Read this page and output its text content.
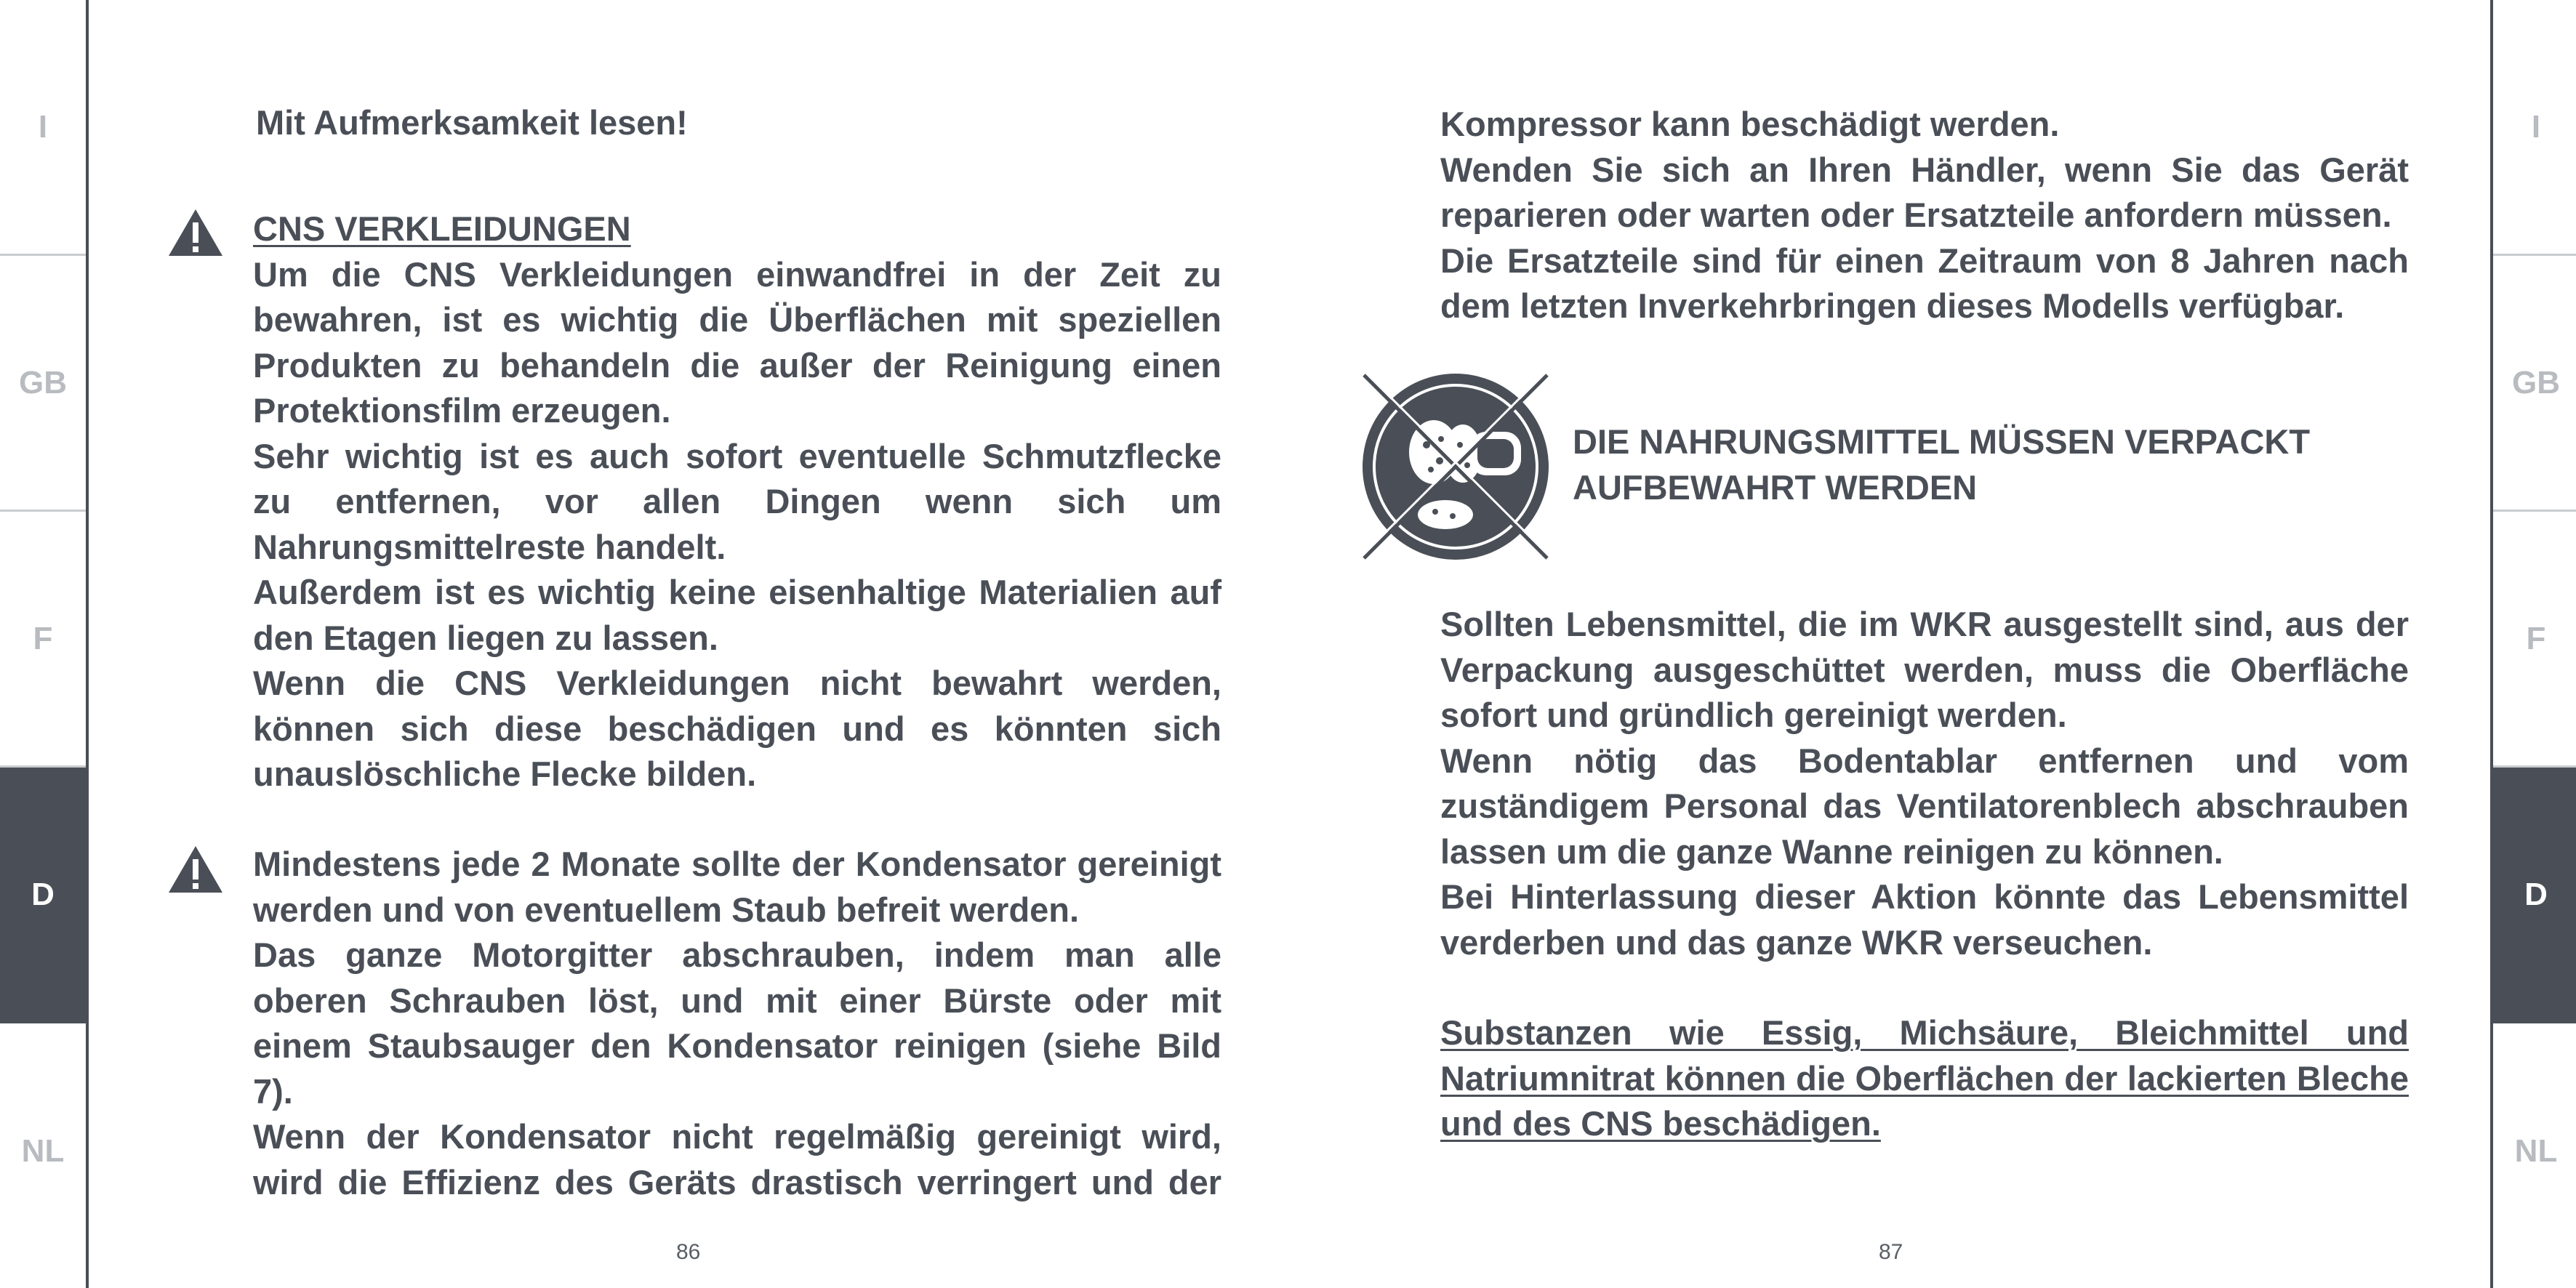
I
GB
F
D
NL
I
GB
F
D
NL
Mit Aufmerksamkeit lesen!

CNS VERKLEIDUNGEN

Um die CNS Verkleidungen einwandfrei in der Zeit zu bewahren, ist es wichtig die Überflächen mit speziellen Produkten zu behandeln die außer der Reinigung einen Protektionsfilm erzeugen.

Sehr wichtig ist es auch sofort eventuelle Schmutzflecke zu entfernen, vor allen Dingen wenn sich um Nahrungsmittelreste handelt.

Außerdem ist es wichtig keine eisenhaltige Materialien auf den Etagen liegen zu lassen.

Wenn die CNS Verkleidungen nicht bewahrt werden, können sich diese beschädigen und es könnten sich unauslöschliche Flecke bilden.

Mindestens jede 2 Monate sollte der Kondensator gereinigt werden und von eventuellem Staub befreit werden.

Das ganze Motorgitter abschrauben, indem man alle oberen Schrauben löst, und mit einer Bürste oder mit einem Staubsauger den Kondensator reinigen (siehe Bild 7).

Wenn der Kondensator nicht regelmäßig gereinigt wird, wird die Effizienz des Geräts drastisch verringert und der

86

Kompressor kann beschädigt werden.

Wenden Sie sich an Ihren Händler, wenn Sie das Gerät reparieren oder warten oder Ersatzteile anfordern müssen.

Die Ersatzteile sind für einen Zeitraum von 8 Jahren nach dem letzten Inverkehrbringen dieses Modells verfügbar.

DIE NAHRUNGSMITTEL MÜSSEN VERPACKT
AUFBEWAHRT WERDEN

Sollten Lebensmittel, die im WKR ausgestellt sind, aus der Verpackung ausgeschüttet werden, muss die Oberfläche sofort und gründlich gereinigt werden.

Wenn nötig das Bodentablar entfernen und vom zuständigem Personal das Ventilatorenblech abschrauben lassen um die ganze Wanne reinigen zu können.

Bei Hinterlassung dieser Aktion könnte das Lebensmittel verderben und das ganze WKR verseuchen.

Substanzen wie Essig, Michsäure, Bleichmittel und Natriumnitrat können die Oberflächen der lackierten Bleche und des CNS beschädigen.

87
